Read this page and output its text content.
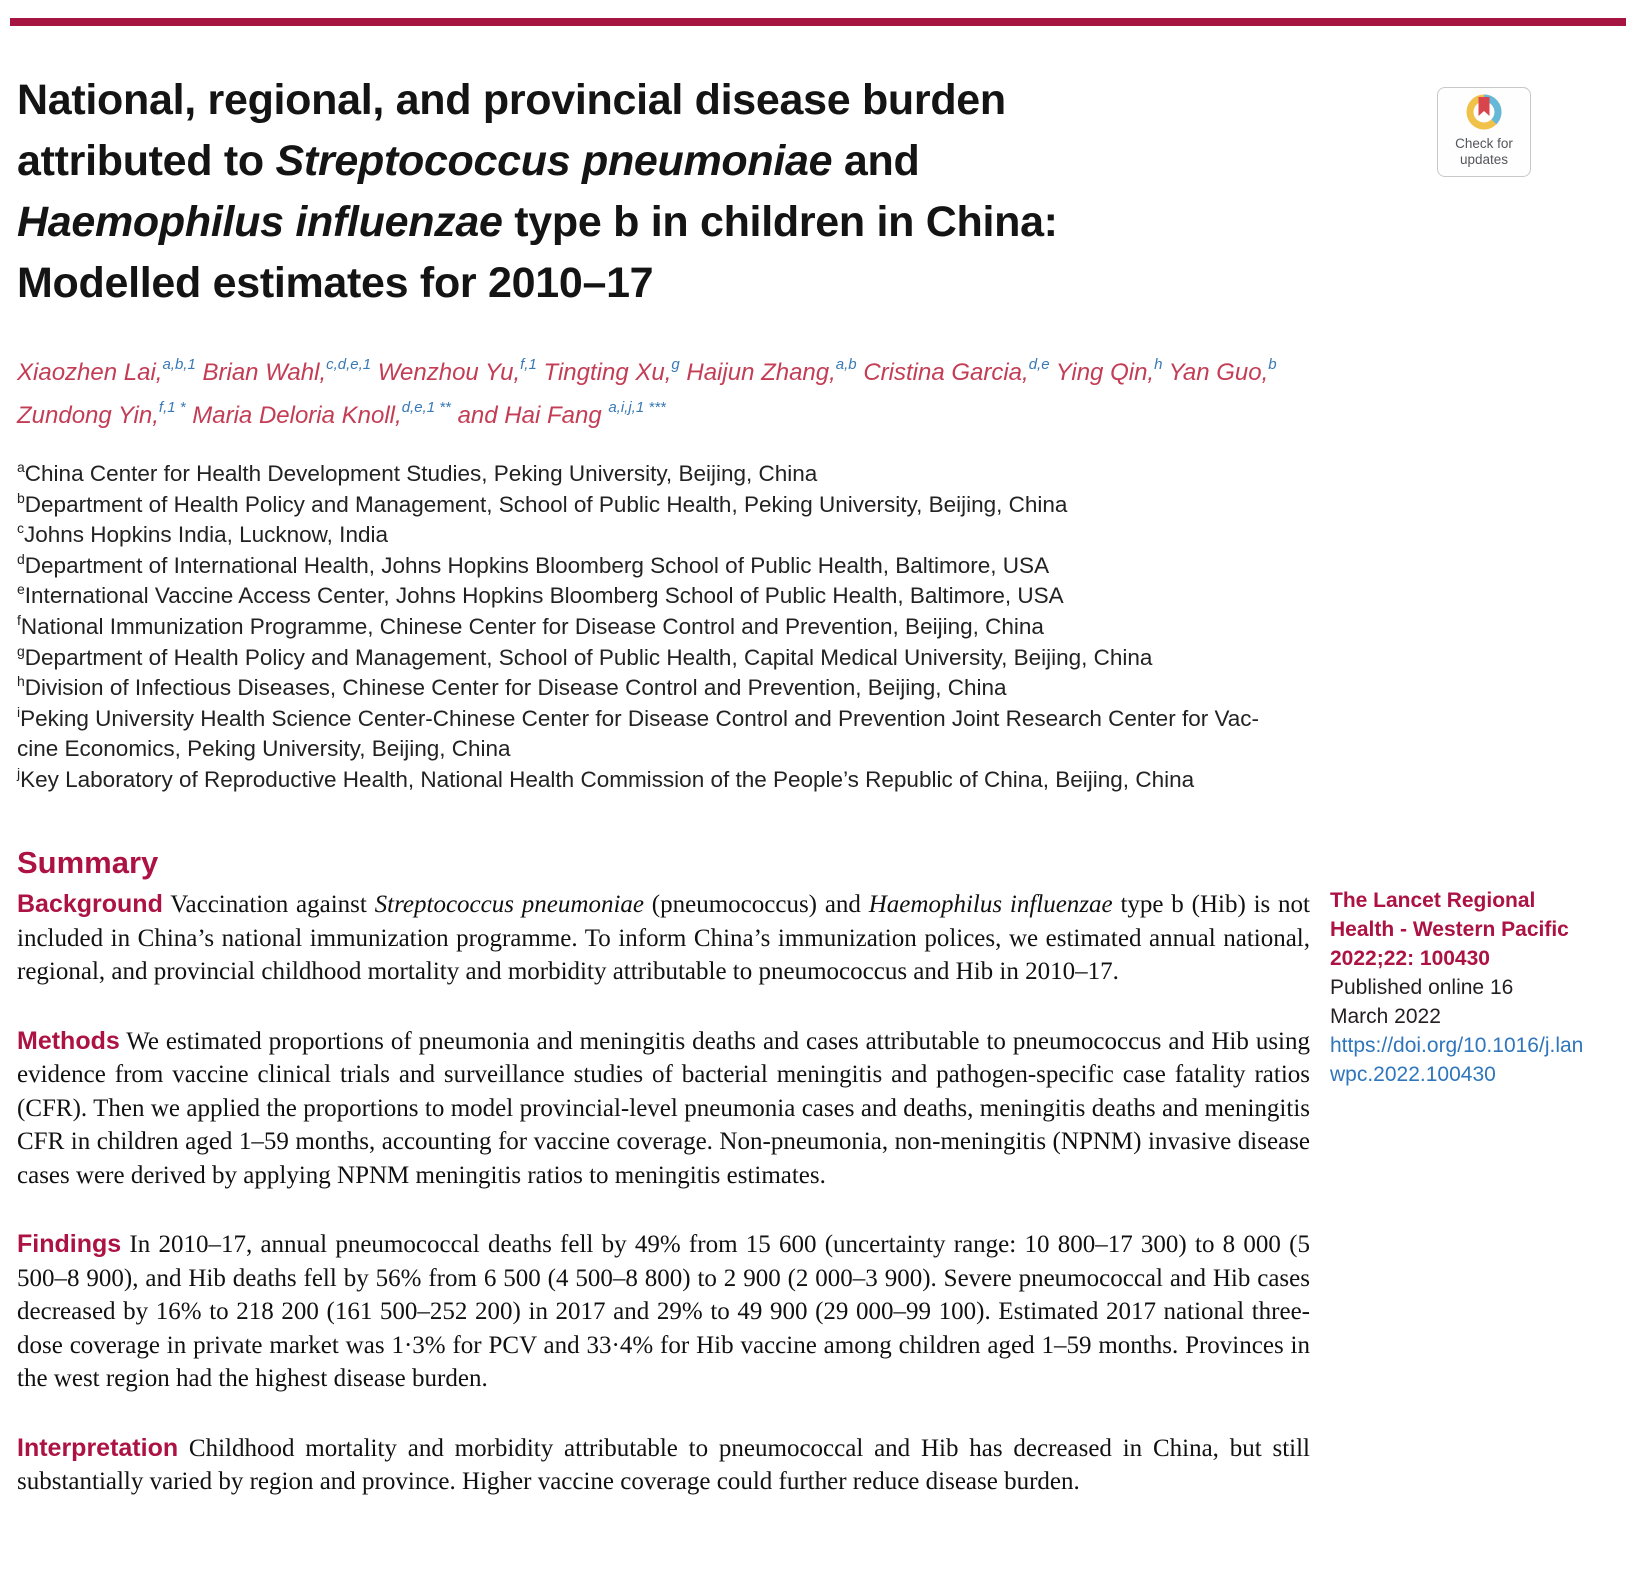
National, regional, and provincial disease burden
attributed to Streptococcus pneumoniae and
Haemophilus influenzae type b in children in China:
Modelled estimates for 2010–17
Check for
updates
Xiaozhen Lai,$^{a,b,1}$ Brian Wahl,$^{c,d,e,1}$ Wenzhou Yu,$^{f,1}$ Tingting Xu,$^g$ Haijun Zhang,$^{a,b}$ Cristina Garcia,$^{d,e}$ Ying Qin,$^h$ Yan Guo,$^b$
Zundong Yin,$^{f,1 *}$ Maria Deloria Knoll,$^{d,e,1 **}$ and Hai Fang $^{a,i,j,1 ***}$
$^a$China Center for Health Development Studies, Peking University, Beijing, China
$^b$Department of Health Policy and Management, School of Public Health, Peking University, Beijing, China
$^c$Johns Hopkins India, Lucknow, India
$^d$Department of International Health, Johns Hopkins Bloomberg School of Public Health, Baltimore, USA
$^e$International Vaccine Access Center, Johns Hopkins Bloomberg School of Public Health, Baltimore, USA
$^f$National Immunization Programme, Chinese Center for Disease Control and Prevention, Beijing, China
$^g$Department of Health Policy and Management, School of Public Health, Capital Medical University, Beijing, China
$^h$Division of Infectious Diseases, Chinese Center for Disease Control and Prevention, Beijing, China
$^i$Peking University Health Science Center-Chinese Center for Disease Control and Prevention Joint Research Center for Vac-
cine Economics, Peking University, Beijing, China
$^j$Key Laboratory of Reproductive Health, National Health Commission of the People’s Republic of China, Beijing, China
Summary

Background Vaccination against Streptococcus pneumoniae (pneumococcus) and Haemophilus influenzae type b (Hib) is not included in China’s national immunization programme. To inform China’s immunization polices, we estimated annual national, regional, and provincial childhood mortality and morbidity attributable to pneumococcus and Hib in 2010–17.

Methods We estimated proportions of pneumonia and meningitis deaths and cases attributable to pneumococcus and Hib using evidence from vaccine clinical trials and surveillance studies of bacterial meningitis and pathogen-specific case fatality ratios (CFR). Then we applied the proportions to model provincial-level pneumonia cases and deaths, meningitis deaths and meningitis CFR in children aged 1–59 months, accounting for vaccine coverage. Non-pneumonia, non-meningitis (NPNM) invasive disease cases were derived by applying NPNM meningitis ratios to meningitis estimates.

Findings In 2010–17, annual pneumococcal deaths fell by 49% from 15 600 (uncertainty range: 10 800–17 300) to 8 000 (5 500–8 900), and Hib deaths fell by 56% from 6 500 (4 500–8 800) to 2 900 (2 000–3 900). Severe pneumococcal and Hib cases decreased by 16% to 218 200 (161 500–252 200) in 2017 and 29% to 49 900 (29 000–99 100). Estimated 2017 national three-dose coverage in private market was 1·3% for PCV and 33·4% for Hib vaccine among children aged 1–59 months. Provinces in the west region had the highest disease burden.

Interpretation Childhood mortality and morbidity attributable to pneumococcal and Hib has decreased in China, but still substantially varied by region and province. Higher vaccine coverage could further reduce disease burden.

The Lancet Regional Health - Western Pacific 2022;22: 100430
Published online 16 March 2022
https://doi.org/10.1016/j.lanwpc.2022.100430
